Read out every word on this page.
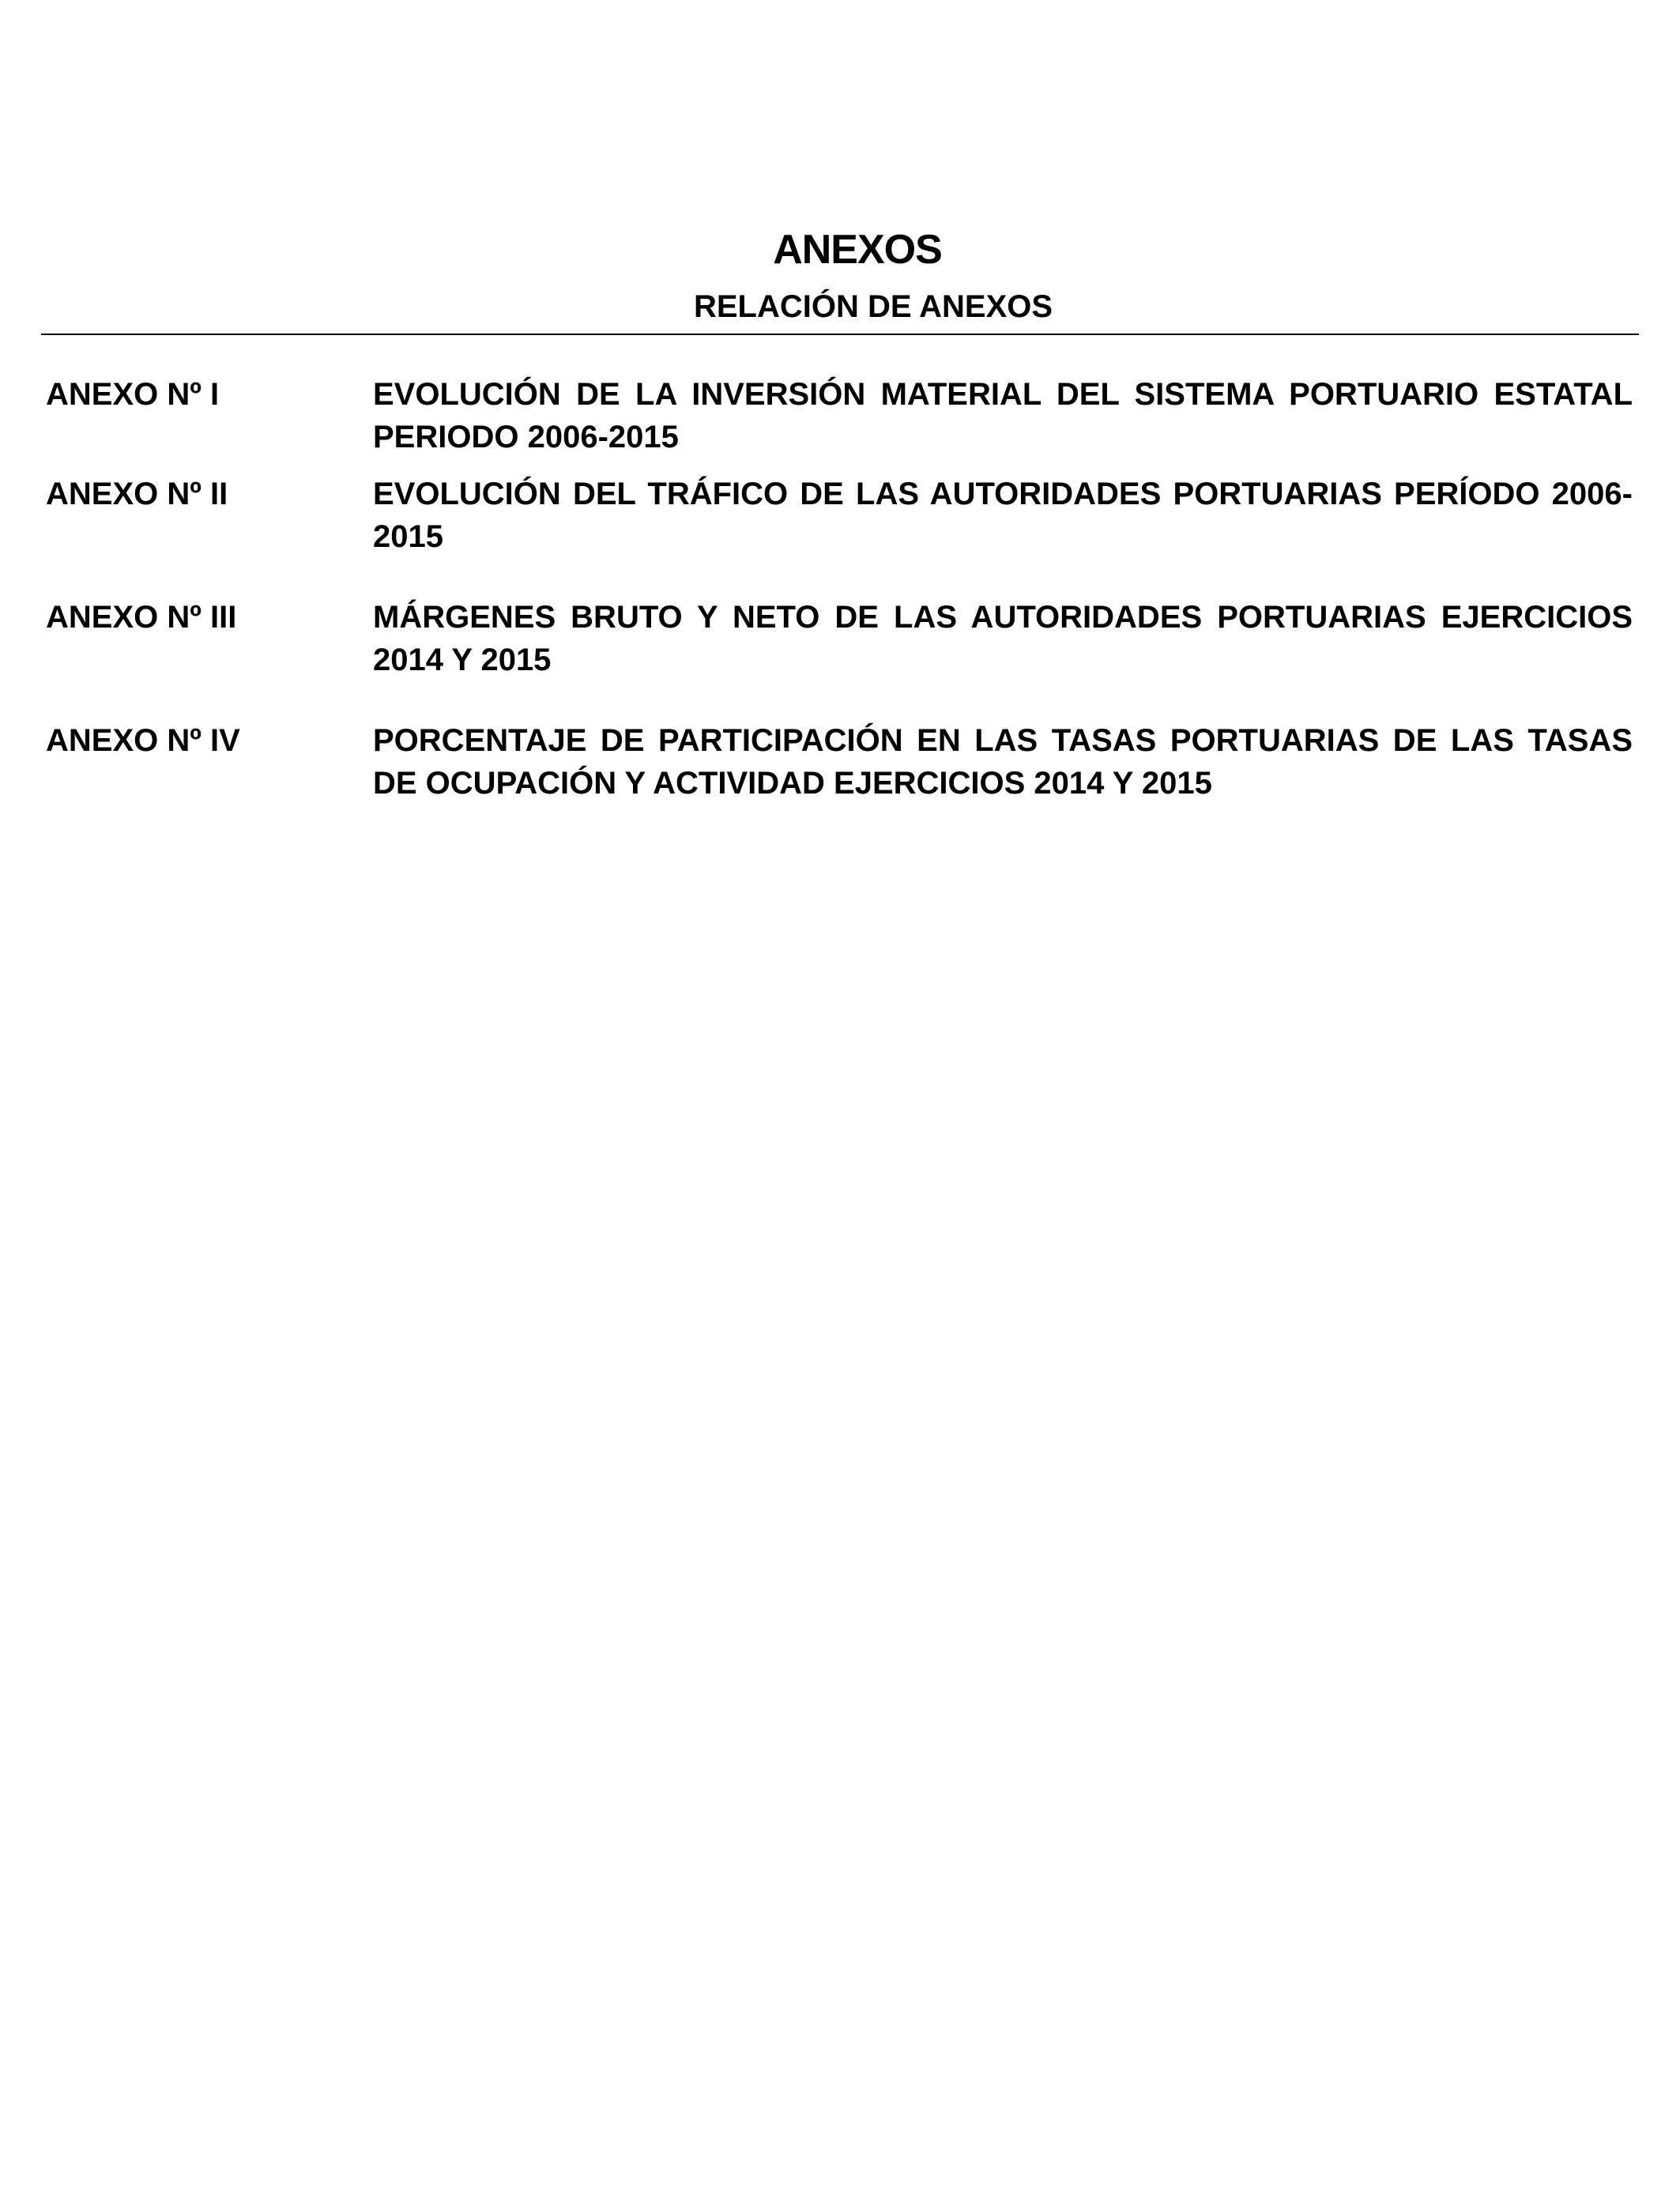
ANEXOS
RELACIÓN DE ANEXOS
ANEXO Nº I	EVOLUCIÓN DE LA INVERSIÓN MATERIAL DEL SISTEMA PORTUARIO ESTATAL PERIODO 2006-2015
ANEXO Nº II	EVOLUCIÓN DEL TRÁFICO DE LAS AUTORIDADES PORTUARIAS PERÍODO 2006-2015
ANEXO Nº III	MÁRGENES BRUTO Y NETO DE LAS AUTORIDADES PORTUARIAS EJERCICIOS 2014 Y 2015
ANEXO Nº IV	PORCENTAJE DE PARTICIPACIÓN EN LAS TASAS PORTUARIAS DE LAS TASAS DE OCUPACIÓN Y ACTIVIDAD EJERCICIOS 2014 Y 2015
